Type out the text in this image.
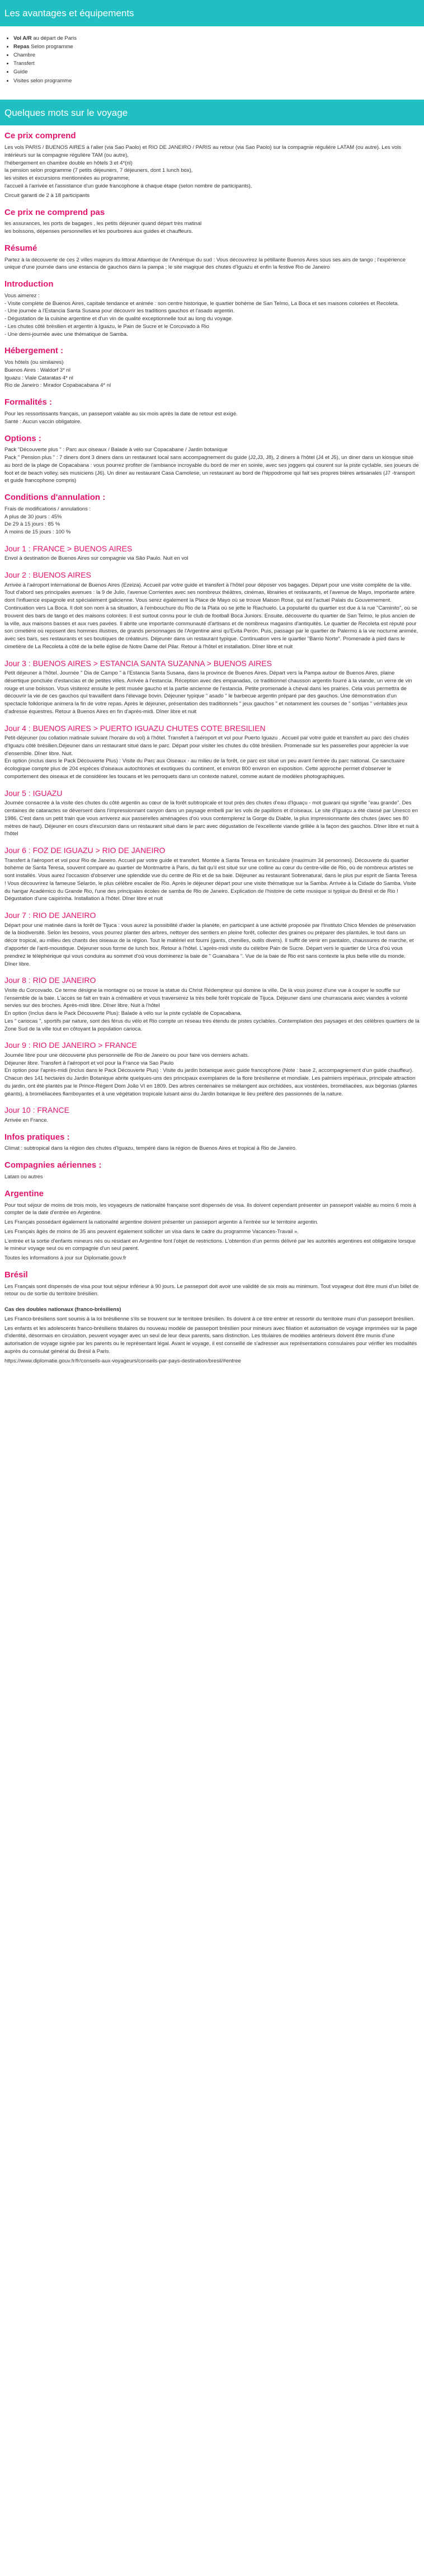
Les avantages et équipements
• Vol A/R au départ de Paris
• Repas Selon programme
• Chambre
• Transfert
• Guide
• Visites selon programme
Quelques mots sur le voyage
Ce prix comprend

Les vols PARIS / BUENOS AIRES à l'aller (via Sao Paolo) et RIO DE JANEIRO / PARIS au retour (via Sao Paolo) sur la compagnie régulière LATAM (ou autre). Les vols intérieurs sur la compagnie régulière TAM (ou autre),
l'hébergement en chambre double en hôtels 3 et 4*(nl)
la pension selon programme (7 petits déjeuners, 7 déjeuners, dont 1 lunch box),
les visites et excursions mentionnées au programme,
l'accueil à l'arrivée et l'assistance d'un guide francophone à chaque étape (selon nombre de participants),

Circuit garanti de 2 à 18 participants

Ce prix ne comprend pas

les assurances, les ports de bagages , les petits déjeuner quand départ très matinal
les boissons, dépenses personnelles et les pourboires aux guides et chauffeurs.

Résumé

Partez à la découverte de ces 2 villes majeurs du littoral Atlantique de l'Amérique du sud : Vous découvrirez la pétillante Buenos Aires sous ses airs de tango ; l'expérience unique d'une journée dans une estancia de gauchos dans la pampa ; le site magique des chutes d'Iguazu et enfin la festive Rio de Janeiro

Introduction

Vous aimerez :
- Visite complète de Buenos Aires, capitale tendance et animée : son centre historique, le quartier bohème de San Telmo, La Boca et ses maisons colorées et Recoleta.
- Une journée à l'Estancia Santa Susana pour découvrir les traditions gauchos et l'asado argentin.
- Dégustation de la cuisine argentine et d'un vin de qualité exceptionnelle tout au long du voyage.
- Les chutes côté brésilien et argentin à Iguazu, le Pain de Sucre et le Corcovado à Rio
- Une demi-journée avec une thématique de Samba.

Hébergement :

Vos hôtels (ou similaires)
Buenos Aires : Waldorf 3* nl
Iguazu : Viale Cataratas 4* nl
Rio de Janeiro : Mirador Copabacabana 4* nl

Formalités :

Pour les ressortissants français, un passeport valable au six mois après la date de retour est exigé.
Santé : Aucun vaccin obligatoire.

Options :

Pack "Découverte plus " : Parc aux oiseaux / Balade à vélo sur Copacabane / Jardin botanique
Pack " Pension plus " : 7 diners dont 3 diners dans un restaurant local sans accompagnement du guide (J2,J3, J8), 2 diners à l'hôtel (J4 et J5), un diner dans un kiosque situé au bord de la plage de Copacabana : vous pourrez profiter de l'ambiance incroyable du bord de mer en soirée, avec ses joggers qui courent sur la piste cyclable, ses joueurs de foot et de beach volley, ses musiciens (J6). Un diner au restaurant Casa Camolese, un restaurant au bord de l'hippodrome qui fait ses propres bières artisanales (J7 -transport et guide francophone compris)

Conditions d'annulation :

Frais de modifications / annulations :
A plus de 30 jours : 45%
De 29 à 15 jours : 85 %
A moins de 15 jours : 100 %

Jour 1 : FRANCE > BUENOS AIRES

Envol à destination de Buenos Aires sur compagnie via São Paulo. Nuit en vol

Jour 2 : BUENOS AIRES

Arrivée à l'aéroport international de Buenos Aires (Ezeiza). Accueil par votre guide et transfert à l'hôtel pour déposer vos bagages. Départ pour une visite complète de la ville. Tout d'abord ses principales avenues : la 9 de Julio, l'avenue Corrientes avec ses nombreux théâtres, cinémas, librairies et restaurants, et l'avenue de Mayo, importante artère dont l'influence espagnole est spécialement galicienne. Vous serez également la Place de Mayo où se trouve Maison Rose, qui est l'actuel Palais du Gouvernement. Continuation vers La Boca. Il doit son nom à sa situation, à l'embouchure du Rio de la Plata où se jette le Riachuelo. La popularité du quartier est due à la rue "Caminito", où se trouvent des bars de tango et des maisons colorées. Il est surtout connu pour le club de football Boca Juniors. Ensuite, découverte du quartier de San Telmo, le plus ancien de la ville, aux maisons basses et aux rues pavées. Il abrite une importante communauté d'artisans et de nombreux magasins d'antiquités. Le quartier de Recoleta est réputé pour son cimetière où reposent des hommes illustres, de grands personnages de l'Argentine ainsi qu'Evita Perón. Puis, passage par le quartier de Palermo à la vie nocturne animée, avec ses bars, ses restaurants et ses boutiques de créateurs. Déjeuner dans un restaurant typique. Continuation vers le quartier "Barrio Norte". Promenade à pied dans le cimetière de La Recoleta à côté de la belle église de Notre Dame del Pilar. Retour à l'hôtel et installation. Dîner libre et nuit

Jour 3 : BUENOS AIRES > ESTANCIA SANTA SUZANNA > BUENOS AIRES

Petit déjeuner à l'hôtel. Journée " Dia de Campo " à l'Estancia Santa Susana, dans la province de Buenos Aires. Départ vers la Pampa autour de Buenos Aires, plaine désertique ponctuée d'estancias et de petites villes. Arrivée à l'estancia. Réception avec des empanadas, ce traditionnel chausson argentin fourré à la viande, un verre de vin rouge et une boisson. Vous visiterez ensuite le petit musée gaucho et la partie ancienne de l'estancia. Petite promenade à cheval dans les prairies. Cela vous permettra de découvrir la vie de ces gauchos qui travaillent dans l'élevage bovin. Déjeuner typique " asado " le barbecue argentin préparé par des gauchos. Une démonstration d'un spectacle folklorique animera la fin de votre repas. Après le déjeuner, présentation des traditionnels " jeux gauchos " et notamment les courses de " sortijas " véritables jeux d'adresse équestres. Retour à Buenos Aires en fin d'après-midi. Dîner libre et nuit

Jour 4 : BUENOS AIRES > PUERTO IGUAZU CHUTES COTE BRESILIEN

Petit-déjeuner (ou collation matinale suivant l'horaire du vol) à l'hôtel. Transfert à l'aéroport et vol pour Puerto Iguazu . Accueil par votre guide et transfert au parc des chutes d'Iguazu côté brésilien.Déjeuner dans un restaurant situé dans le parc. Départ pour visiter les chutes du côté brésilien. Promenade sur les passerelles pour apprécier la vue d'ensemble. Dîner libre. Nuit.
En option (inclus dans le Pack Découverte Plus) : Visite du Parc aux Oiseaux - au milieu de la forêt, ce parc est situé un peu avant l'entrée du parc national. Ce sanctuaire écologique compte plus de 204 espèces d'oiseaux autochtones et exotiques du continent, et environ 800 environ en exposition. Cette approche permet d'observer le comportement des oiseaux et de considérer les toucans et les perroquets dans un contexte naturel, comme autant de modèles photographiques.

Jour 5 : IGUAZU

Journée consacrée à la visite des chutes du côté argentin au cœur de la forêt subtropicale et tout près des chutes d'eau d'Iguaçu - mot guarani qui signifie "eau grande". Des centaines de cataractes se déversent dans l'impressionnant canyon dans un paysage embelli par les vols de papillons et d'oiseaux. Le site d'Iguaçu a été classé par Unesco en 1986. C'est dans un petit train que vous arriverez aux passerelles aménagées d'où vous contemplerez la Gorge du Diable, la plus impressionnante des chutes (avec ses 80 mètres de haut). Déjeuner en cours d'excursion dans un restaurant situé dans le parc avec dégustation de l'excellente viande grillée à la façon des gauchos. Dîner libre et nuit à l'hôtel

Jour 6 : FOZ DE IGUAZU > RIO DE JANEIRO

Transfert à l'aéroport et vol pour Rio de Janeiro. Accueil par votre guide et transfert. Montée à Santa Teresa en funiculaire (maximum 34 personnes). Découverte du quartier bohème de Santa Teresa, souvent comparé au quartier de Montmartre à Paris, du fait qu'il est situé sur une colline au cœur du centre-ville de Rio, où de nombreux artistes se sont installés. Vous aurez l'occasion d'observer une splendide vue du centre de Rio et de sa baie. Déjeuner au restaurant Sobrenatural, dans le plus pur esprit de Santa Teresa ! Vous découvrirez la fameuse Selarón, le plus célèbre escalier de Rio. Après le déjeuner départ pour une visite thématique sur la Samba. Arrivée à la Cidade do Samba. Visite du hangar Académico du Grande Rio, l'une des principales écoles de samba de Rio de Janeiro. Explication de l'histoire de cette musique si typique du Brésil et de Rio ! Dégustation d'une caipirinha. Installation à l'hôtel. Dîner libre et nuit

Jour 7 : RIO DE JANEIRO

Départ pour une matinée dans la forêt de Tijuca : vous aurez la possibilité d'aider la planète, en participant à une activité proposée par l'Instituto Chico Mendes de préservation de la biodiversité. Selon les besoins, vous pourrez planter des arbres, nettoyer des sentiers en pleine forêt, collecter des graines ou préparer des plantules, le tout dans un décor tropical, au milieu des chants des oiseaux de la région. Tout le matériel est fourni (gants, chenilles, outils divers). Il suffit de venir en pantalon, chaussures de marche, et d'apporter de l'anti-moustique. Déjeuner sous forme de lunch box. Retour à l'hôtel. L'après-midi visite du célèbre Pain de Sucre. Départ vers le quartier de Urca d'où vous prendrez le téléphérique qui vous conduira au sommet d'où vous dominerez la baie de " Guanabara ". Vue de la baie de Rio est sans contexte la plus belle ville du monde. Dîner libre.

Jour 8 : RIO DE JANEIRO

Visite du Corcovado. Ce terme désigne la montagne où se trouve la statue du Christ Rédempteur qui domine la ville. De là vous jouirez d'une vue à couper le souffle sur l'ensemble de la baie. L'accès se fait en train à crémaillère et vous traverserez la très belle forêt tropicale de Tijuca. Déjeuner dans une churrascaria avec viandes à volonté servies sur des broches. Après-midi libre. Dîner libre. Nuit à l'hôtel
En option (Inclus dans le Pack Découverte Plus): Balade à vélo sur la piste cyclable de Copacabana.
Les " cariocas ", sportifs par nature, sont des férus du vélo et Rio compte un réseau très étendu de pistes cyclables. Contemplation des paysages et des célèbres quartiers de la Zone Sud de la ville tout en côtoyant la population carioca.

Jour 9 : RIO DE JANEIRO > FRANCE

Journée libre pour une découverte plus personnelle de Rio de Janeiro ou pour faire vos derniers achats.
Déjeuner libre. Transfert à l'aéroport et vol pour la France via Sao Paulo
En option pour l'après-midi (inclus dans le Pack Découverte Plus) : Visite du jardin botanique avec guide francophone (Note : base 2, accompagnement d'un guide chauffeur). Chacun des 141 hectares du Jardin Botanique abrite quelques-uns des principaux exemplaires de la flore brésilienne et mondiale. Les palmiers impériaux, principale attraction du jardin, ont été plantés par le Prince-Régent Dom João VI en 1809. Des arbres centenaires se mélangent aux orchidées, aux vostérées, broméliacées, aux bégonias (plantes géants), à broméliacées flamboyantes et à une végétation tropicale luisant ainsi du Jardin botanique le lieu préféré des passionnés de la nature.

Jour 10 : FRANCE

Arrivée en France.

Infos pratiques :

Climat : subtropical dans la région des chutes d'Iguazu, tempéré dans la région de Buenos Aires et tropical à Rio de Janeiro.

Compagnies aériennes :

Latam ou autres

Argentine

Pour tout séjour de moins de trois mois, les voyageurs de nationalité française sont dispensés de visa. Ils doivent cependant présenter un passeport valable au moins 6 mois à compter de la date d'entrée en Argentine.

Les Français possédant également la nationalité argentine doivent présenter un passeport argentin à l'entrée sur le territoire argentin.

Les Français âgés de moins de 35 ans peuvent également solliciter un visa dans le cadre du programme Vacances-Travail ».

L'entrée et la sortie d'enfants mineurs nés ou résidant en Argentine font l'objet de restrictions. L'obtention d'un permis délivré par les autorités argentines est obligatoire lorsque le mineur voyage seul ou en compagnie d'un seul parent.

Toutes les informations à jour sur Diplomatie.gouv.fr

Brésil

Les Français sont dispensés de visa pour tout séjour inférieur à 90 jours. Le passeport doit avoir une validité de six mois au minimum. Tout voyageur doit être muni d'un billet de retour ou de sortie du territoire brésilien.

Cas des doubles nationaux (franco-brésiliens)

Les Franco-brésiliens sont soumis à la loi brésilienne s'ils se trouvent sur le territoire brésilien. Ils doivent à ce titre entrer et ressortir du territoire muni d'un passeport brésilien.

Les enfants et les adolescents franco-brésiliens titulaires du nouveau modèle de passeport brésilien pour mineurs avec filiation et autorisation de voyage imprimées sur la page d'identité, désormais en circulation, peuvent voyager avec un seul de leur deux parents, sans distinction. Les titulaires de modèles antérieurs doivent être munis d'une autorisation de voyage signée par les parents ou le représentant légal. Avant le voyage, il est conseillé de s'adresser aux représentations consulaires pour vérifier les modalités auprès du consulat général du Brésil à Paris.

https://www.diplomatie.gouv.fr/fr/conseils-aux-voyageurs/conseils-par-pays-destination/bresil/#entree
